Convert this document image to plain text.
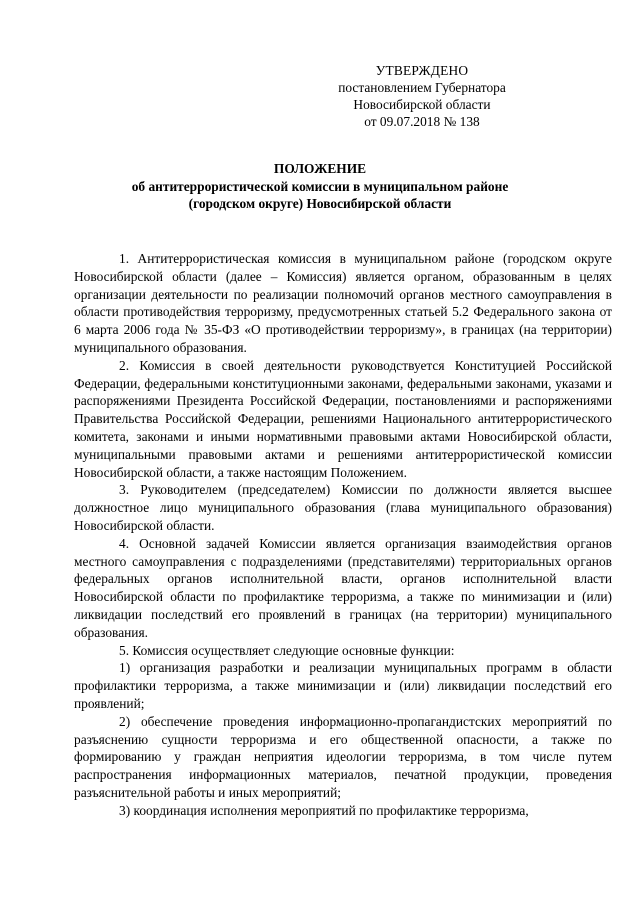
УТВЕРЖДЕНО
постановлением Губернатора
Новосибирской области
от 09.07.2018 № 138
ПОЛОЖЕНИЕ
об антитеррористической комиссии в муниципальном районе
(городском округе) Новосибирской области

1. Антитеррористическая комиссия в муниципальном районе (городском округе Новосибирской области (далее – Комиссия) является органом, образованным в целях организации деятельности по реализации полномочий органов местного самоуправления в области противодействия терроризму, предусмотренных статьей 5.2 Федерального закона от 6 марта 2006 года № 35-ФЗ «О противодействии терроризму», в границах (на территории) муниципального образования.

2. Комиссия в своей деятельности руководствуется Конституцией Российской Федерации, федеральными конституционными законами, федеральными законами, указами и распоряжениями Президента Российской Федерации, постановлениями и распоряжениями Правительства Российской Федерации, решениями Национального антитеррористического комитета, законами и иными нормативными правовыми актами Новосибирской области, муниципальными правовыми актами и решениями антитеррористической комиссии Новосибирской области, а также настоящим Положением.

3. Руководителем (председателем) Комиссии по должности является высшее должностное лицо муниципального образования (глава муниципального образования) Новосибирской области.

4. Основной задачей Комиссии является организация взаимодействия органов местного самоуправления с подразделениями (представителями) территориальных органов федеральных органов исполнительной власти, органов исполнительной власти Новосибирской области по профилактике терроризма, а также по минимизации и (или) ликвидации последствий его проявлений в границах (на территории) муниципального образования.

5. Комиссия осуществляет следующие основные функции:

1) организация разработки и реализации муниципальных программ в области профилактики терроризма, а также минимизации и (или) ликвидации последствий его проявлений;

2) обеспечение проведения информационно-пропагандистских мероприятий по разъяснению сущности терроризма и его общественной опасности, а также по формированию у граждан неприятия идеологии терроризма, в том числе путем распространения информационных материалов, печатной продукции, проведения разъяснительной работы и иных мероприятий;

3) координация исполнения мероприятий по профилактике терроризма,
